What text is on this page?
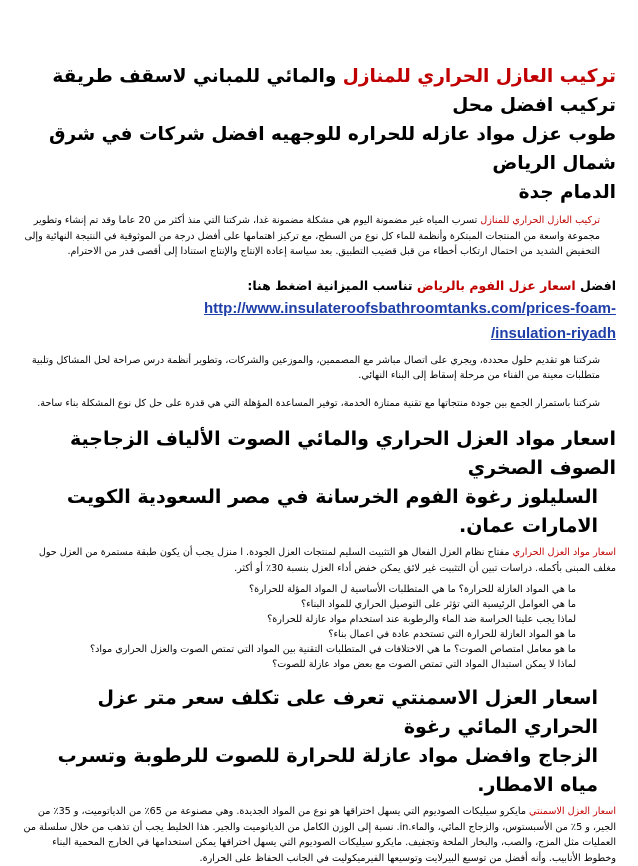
تركيب العازل الحراري للمنازل والمائي للمباني لاسقف طريقة تركيب افضل محل
طوب عزل مواد عازله للحراره للوجهيه افضل شركات في شرق شمال الرياض
الدمام جدة

تركيب العازل الحراري للمنازل تسرب المياه غير مضمونة اليوم هي مشكلة مضمونة غدا، شركتنا التي منذ أكثر من 20 عاما وقد تم إنشاء وتطوير مجموعة واسعة من المنتجات المبتكرة وأنظمة للماء كل نوع من السطح، مع تركيز اهتمامها على أفضل درجة من الموثوقية في النتيجة النهائية وإلى التخفيض الشديد من احتمال ارتكاب أخطاء من قبل قضيب التطبيق. بعد سياسة إعادة الإنتاج والإنتاج استنادا إلى أقصى قدر من الاحترام.

افضل اسعار عزل الفوم بالرياض تناسب الميزانية اضغط هنا:
http://www.insulateroofsbathroomtanks.com/prices-foam-
/insulation-riyadh

شركتنا هو تقديم حلول محددة، ويجري على اتصال مباشر مع المصممين، والموزعين والشركات، وتطوير أنظمة درس صراحة لحل المشاكل وتلبية متطلبات معينة من الفناء من مرحلة إسقاط إلى البناء النهائي.

شركتنا باستمرار الجمع بين جودة منتجاتها مع تقنية ممتازة الخدمة، توفير المساعدة المؤهلة التي هي قدرة على حل كل نوع المشكلة بناء ساحة.

اسعار مواد العزل الحراري والمائي الصوت الألياف الزجاجية الصوف الصخري
السليلوز رغوة الفوم الخرسانة في مصر السعودية الكويت الامارات عمان.

اسعار مواد العزل الحراري مفتاح نظام العزل الفعال هو التثبيت السليم لمنتجات العزل الجودة. ا منزل يجب أن يكون طبقة مستمرة من العزل حول مغلف المبنى بأكمله. دراسات تبين أن التثبيت غير لائق يمكن خفض أداء العزل بنسبة 30٪ أو أكثر.

ما هي المواد العازلة للحرارة؟ ما هي المتطلبات الأساسية ل المواد المؤلة للحرارة؟

ما هي العوامل الرئيسية التي تؤثر على التوصيل الحراري للمواد البناء؟

لماذا يجب علينا الحراسة ضد الماء والرطوبة عند استخدام مواد عازلة للحرارة؟

ما هو المواد العازلة للحرارة التي تستخدم عادة في اعمال بناء؟

ما هو معامل امتصاص الصوت؟ ما هي الاختلافات في المتطلبات التقنية بين المواد التي تمتص الصوت والعزل الحراري مواد؟

لماذا لا يمكن استبدال المواد التي تمتص الصوت مع بعض مواد عازلة للصوت؟

اسعار العزل الاسمنتي تعرف على تكلف سعر متر عزل الحراري المائي رغوة
الزجاج وافضل مواد عازلة للحرارة للصوت للرطوبة وتسرب مياه الامطار.

اسعار العزل الاسمنتي مايكرو سيليكات الصوديوم التي يسهل اختراقها هو نوع من المواد الجديدة. وهي مصنوعة من 65٪ من الدياتوميت، و 35٪ من الجير، و 5٪ من الأسبستوس، والزجاج المائي، والماء.in. نسبة إلى الوزن الكامل من الدياتوميت والجير. هذا الخليط يجب أن تذهب من خلال سلسلة من العمليات مثل المزج، والصب، والبخار الملحة وتجفيف. مايكرو سيليكات الصوديوم التي يسهل اختراقها يمكن استخدامها في الخارج المحمية البناء وخطوط الأنابيب. وأنه أفضل من توسيع البيرلايت وتوسيعها الفيرميكوليت في الجانب الحفاظ على الحرارة.
